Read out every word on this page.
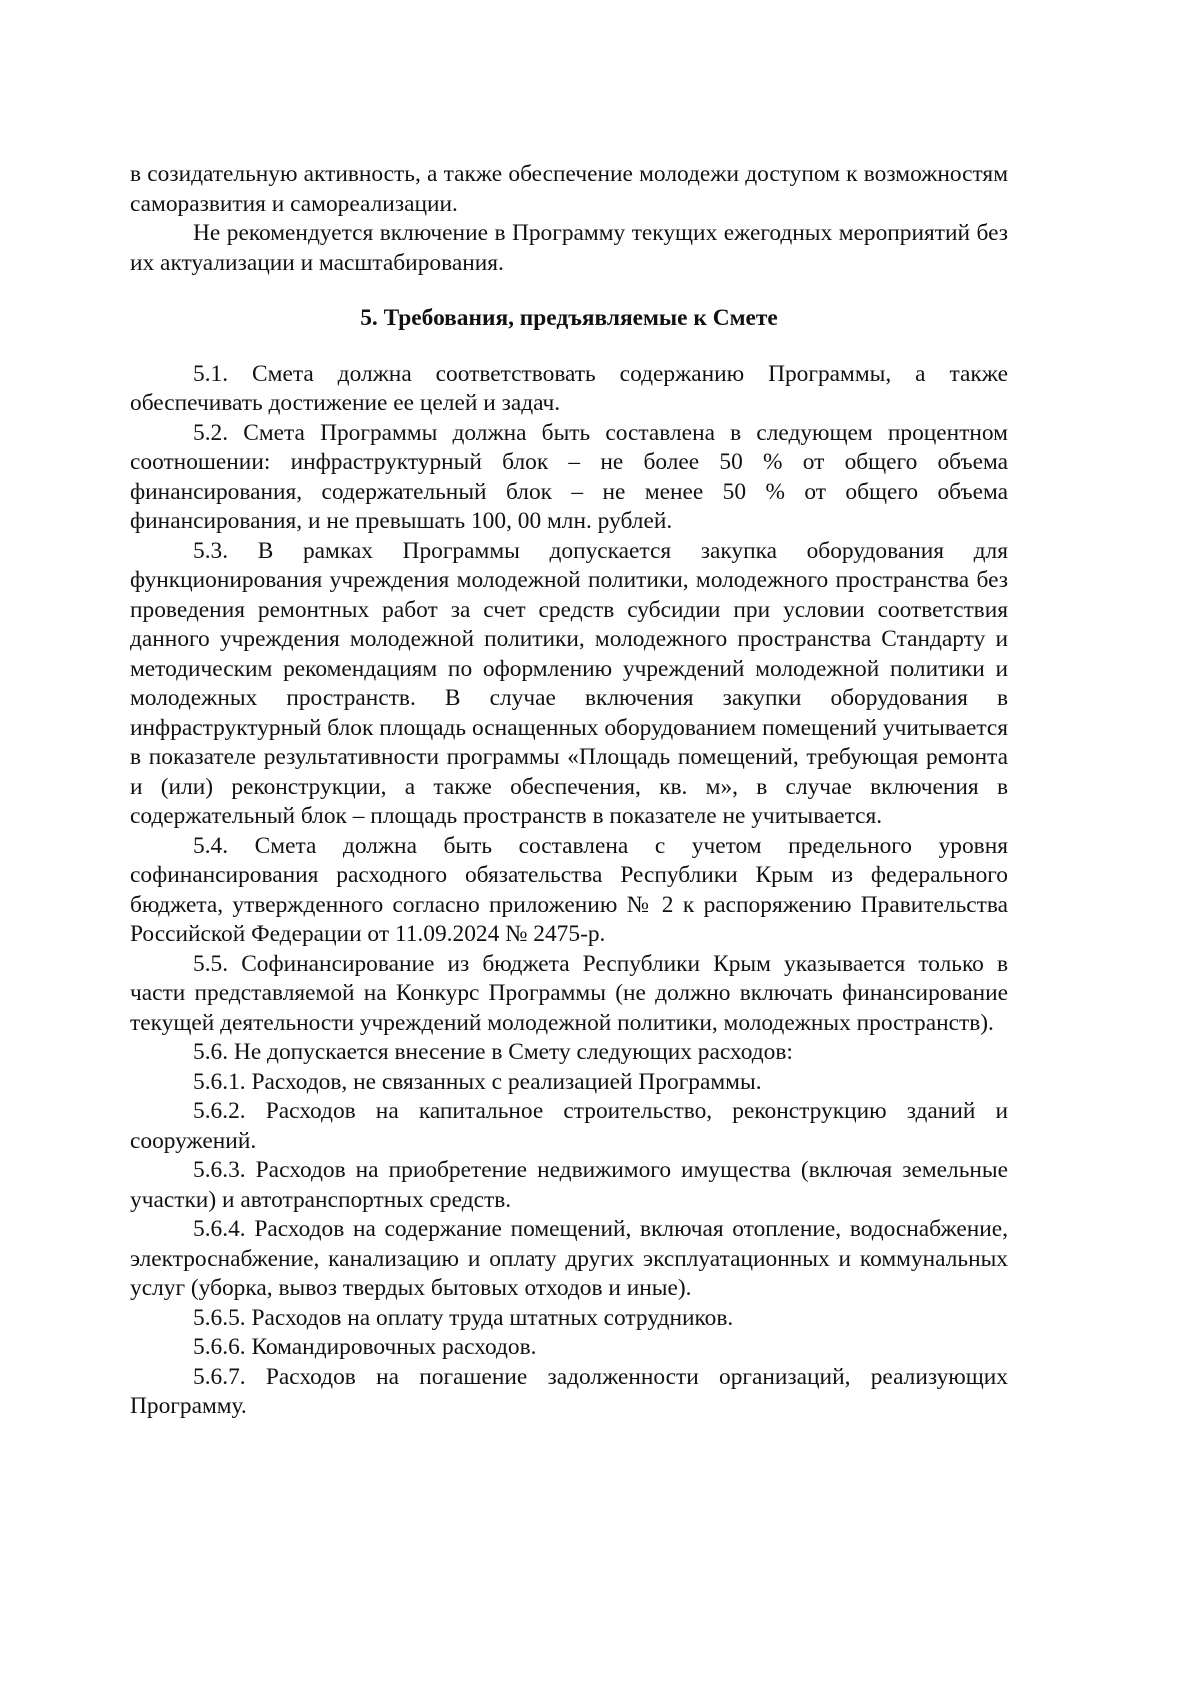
в созидательную активность, а также обеспечение молодежи доступом к возможностям саморазвития и самореализации.

Не рекомендуется включение в Программу текущих ежегодных мероприятий без их актуализации и масштабирования.

5. Требования, предъявляемые к Смете

5.1. Смета должна соответствовать содержанию Программы, а также обеспечивать достижение ее целей и задач.

5.2. Смета Программы должна быть составлена в следующем процентном соотношении: инфраструктурный блок – не более 50 % от общего объема финансирования, содержательный блок – не менее 50 % от общего объема финансирования, и не превышать 100, 00 млн. рублей.

5.3. В рамках Программы допускается закупка оборудования для функционирования учреждения молодежной политики, молодежного пространства без проведения ремонтных работ за счет средств субсидии при условии соответствия данного учреждения молодежной политики, молодежного пространства Стандарту и методическим рекомендациям по оформлению учреждений молодежной политики и молодежных пространств. В случае включения закупки оборудования в инфраструктурный блок площадь оснащенных оборудованием помещений учитывается в показателе результативности программы «Площадь помещений, требующая ремонта и (или) реконструкции, а также обеспечения, кв. м», в случае включения в содержательный блок – площадь пространств в показателе не учитывается.

5.4. Смета должна быть составлена с учетом предельного уровня софинансирования расходного обязательства Республики Крым из федерального бюджета, утвержденного согласно приложению № 2 к распоряжению Правительства Российской Федерации от 11.09.2024 № 2475-р.

5.5. Софинансирование из бюджета Республики Крым указывается только в части представляемой на Конкурс Программы (не должно включать финансирование текущей деятельности учреждений молодежной политики, молодежных пространств).

5.6. Не допускается внесение в Смету следующих расходов:

5.6.1. Расходов, не связанных с реализацией Программы.

5.6.2. Расходов на капитальное строительство, реконструкцию зданий и сооружений.

5.6.3. Расходов на приобретение недвижимого имущества (включая земельные участки) и автотранспортных средств.

5.6.4. Расходов на содержание помещений, включая отопление, водоснабжение, электроснабжение, канализацию и оплату других эксплуатационных и коммунальных услуг (уборка, вывоз твердых бытовых отходов и иные).

5.6.5. Расходов на оплату труда штатных сотрудников.

5.6.6. Командировочных расходов.

5.6.7. Расходов на погашение задолженности организаций, реализующих Программу.
